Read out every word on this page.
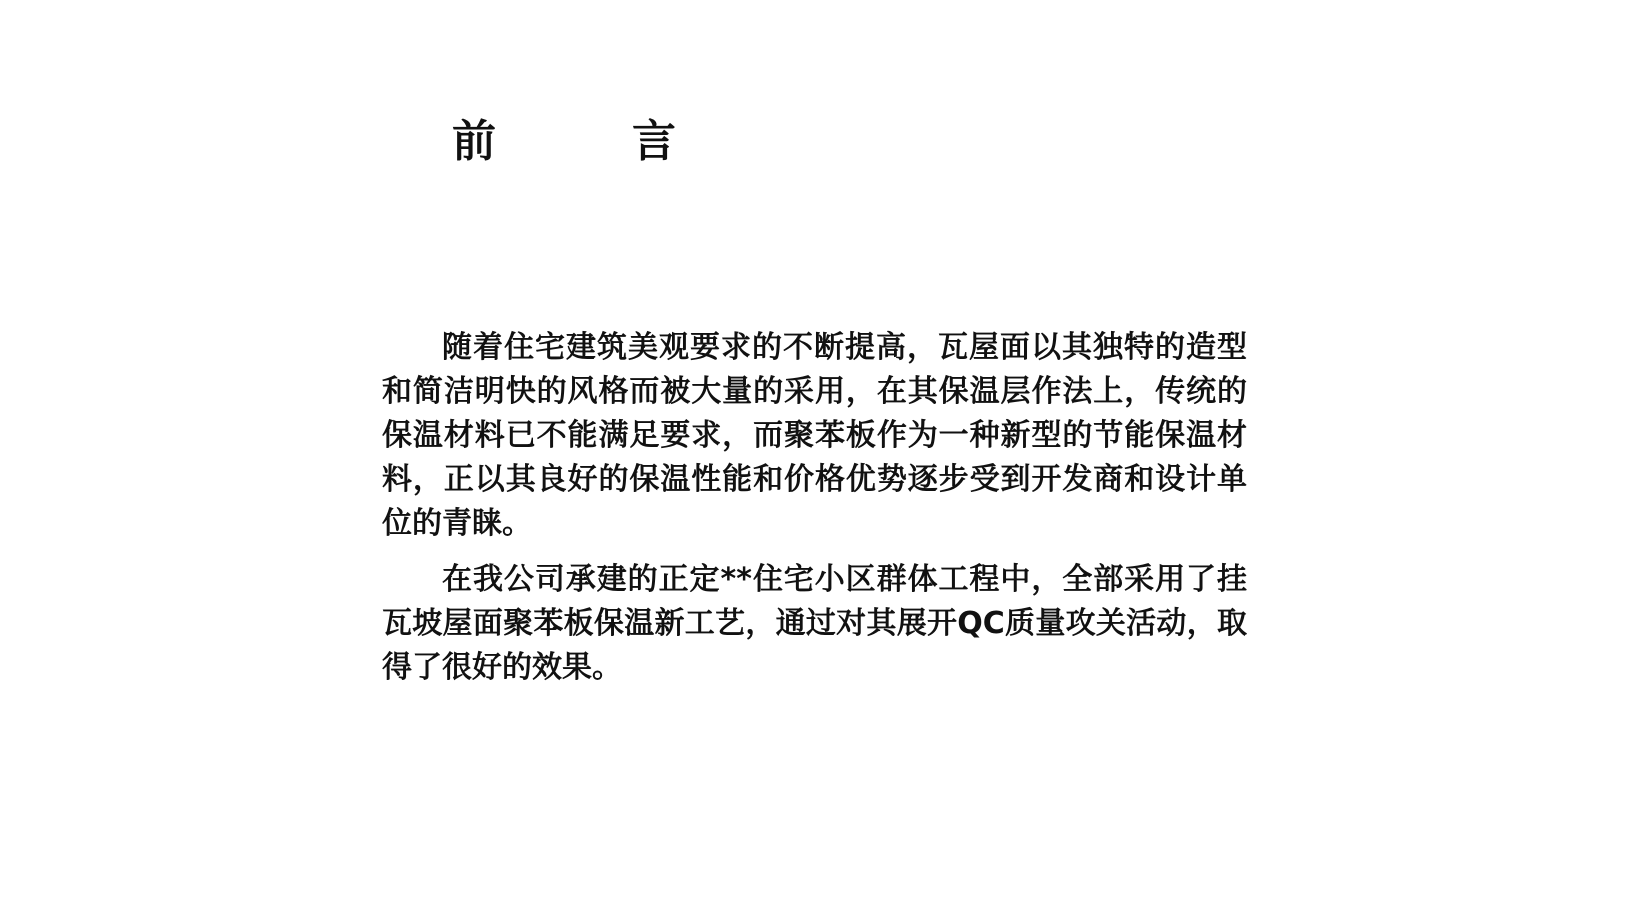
前	言

随着住宅建筑美观要求的不断提高，瓦屋面以其独特的造型和简洁明快的风格而被大量的采用，在其保温层作法上，传统的保温材料已不能满足要求，而聚苯板作为一种新型的节能保温材料，正以其良好的保温性能和价格优势逐步受到开发商和设计单位的青睐。

在我公司承建的正定**住宅小区群体工程中，全部采用了挂瓦坡屋面聚苯板保温新工艺，通过对其展开QC质量攻关活动，取得了很好的效果。
